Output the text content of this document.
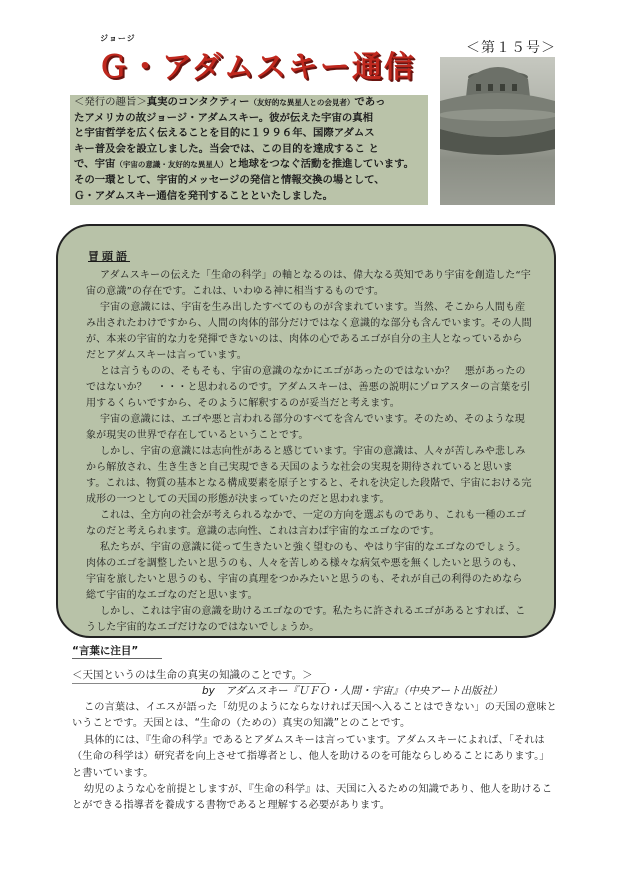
ジョージ
Ｇ・アダムスキー通信
＜第１５号＞
＜発行の趣旨＞真実のコンタクティー（友好的な異星人との会見者）であっ
たアメリカの故ジョージ・アダムスキー。彼が伝えた宇宙の真相
と宇宙哲学を広く伝えることを目的に１９９６年、国際アダムス
キー普及会を設立しました。当会では、この目的を達成するこ と
で、宇宙（宇宙の意識・友好的な異星人）と地球をつなぐ活動を推進しています。
その一環として、宇宙的メッセージの発信と情報交換の場として、
Ｇ・アダムスキー通信を発刊することといたしました。
冒頭語

アダムスキーの伝えた「生命の科学」の軸となるのは、偉大なる英知であり宇宙を創造した“宇宙の意識”の存在です。これは、いわゆる神に相当するものです。

宇宙の意識には、宇宙を生み出したすべてのものが含まれています。当然、そこから人間も産み出されたわけですから、人間の肉体的部分だけではなく意識的な部分も含んでいます。その人間が、本来の宇宙的な力を発揮できないのは、肉体の心であるエゴが自分の主人となっているからだとアダムスキーは言っています。

とは言うものの、そもそも、宇宙の意識のなかにエゴがあったのではないか？　悪があったのではないか？　・・・と思われるのです。アダムスキーは、善悪の説明にゾロアスターの言葉を引用するくらいですから、そのように解釈するのが妥当だと考えます。

宇宙の意識には、エゴや悪と言われる部分のすべてを含んでいます。そのため、そのような現象が現実の世界で存在しているということです。

しかし、宇宙の意識には志向性があると感じています。宇宙の意識は、人々が苦しみや悲しみから解放され、生き生きと自己実現できる天国のような社会の実現を期待されていると思います。これは、物質の基本となる構成要素を原子とすると、それを決定した段階で、宇宙における完成形の一つとしての天国の形態が決まっていたのだと思われます。

これは、全方向の社会が考えられるなかで、一定の方向を選ぶものであり、これも一種のエゴなのだと考えられます。意識の志向性、これは言わば宇宙的なエゴなのです。

私たちが、宇宙の意識に従って生きたいと強く望むのも、やはり宇宙的なエゴなのでしょう。肉体のエゴを調整したいと思うのも、人々を苦しめる様々な病気や悪を無くしたいと思うのも、宇宙を旅したいと思うのも、宇宙の真理をつかみたいと思うのも、それが自己の利得のためなら総て宇宙的なエゴなのだと思います。

しかし、これは宇宙の意識を助けるエゴなのです。私たちに許されるエゴがあるとすれば、こうした宇宙的なエゴだけなのではないでしょうか。

“言葉に注目”
＜天国というのは生命の真実の知識のことです。＞
by　アダムスキー『ＵＦＯ・人間・宇宙』（中央アート出版社）

この言葉は、イエスが語った「幼児のようにならなければ天国へ入ることはできない」の天国の意味ということです。天国とは、“生命の（ための）真実の知識”とのことです。

具体的には、『生命の科学』であるとアダムスキーは言っています。アダムスキーによれば、「それは（生命の科学は）研究者を向上させて指導者とし、他人を助けるのを可能ならしめることにあります。」と書いています。

幼児のような心を前提としますが、『生命の科学』は、天国に入るための知識であり、他人を助けることができる指導者を養成する書物であると理解する必要があります。
